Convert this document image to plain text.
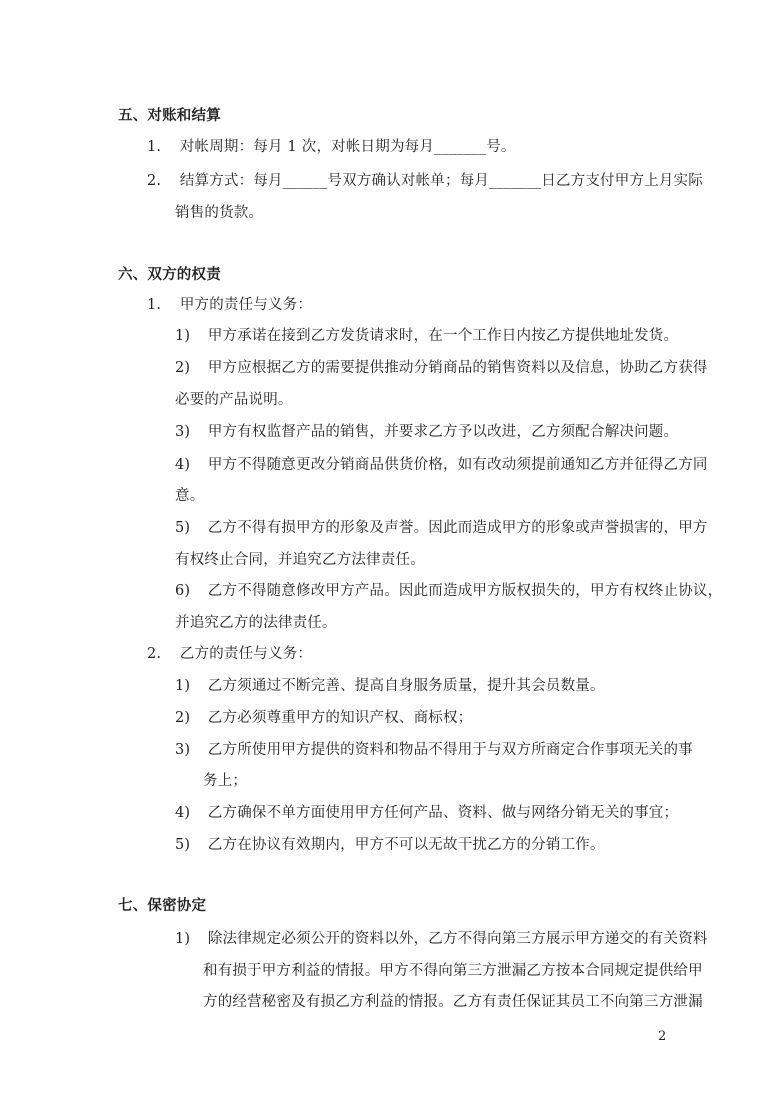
五、对账和结算
1. 对帐周期：每月 1 次，对帐日期为每月_______号。
2. 结算方式：每月______号双方确认对帐单；每月_______日乙方支付甲方上月实际
销售的货款。
六、双方的权责
1. 甲方的责任与义务：
1) 甲方承诺在接到乙方发货请求时，在一个工作日内按乙方提供地址发货。
2) 甲方应根据乙方的需要提供推动分销商品的销售资料以及信息，协助乙方获得
必要的产品说明。
3) 甲方有权监督产品的销售，并要求乙方予以改进，乙方须配合解决问题。
4) 甲方不得随意更改分销商品供货价格，如有改动须提前通知乙方并征得乙方同
意。
5) 乙方不得有损甲方的形象及声誉。因此而造成甲方的形象或声誉损害的，甲方
有权终止合同，并追究乙方法律责任。
6) 乙方不得随意修改甲方产品。因此而造成甲方版权损失的，甲方有权终止协议，
并追究乙方的法律责任。
2. 乙方的责任与义务：
1) 乙方须通过不断完善、提高自身服务质量，提升其会员数量。
2) 乙方必须尊重甲方的知识产权、商标权；
3) 乙方所使用甲方提供的资料和物品不得用于与双方所商定合作事项无关的事
务上；
4) 乙方确保不单方面使用甲方任何产品、资料、做与网络分销无关的事宜；
5) 乙方在协议有效期内，甲方不可以无故干扰乙方的分销工作。
七、保密协定
1) 除法律规定必须公开的资料以外，乙方不得向第三方展示甲方递交的有关资料
和有损于甲方利益的情报。甲方不得向第三方泄漏乙方按本合同规定提供给甲
方的经营秘密及有损乙方利益的情报。乙方有责任保证其员工不向第三方泄漏
2
